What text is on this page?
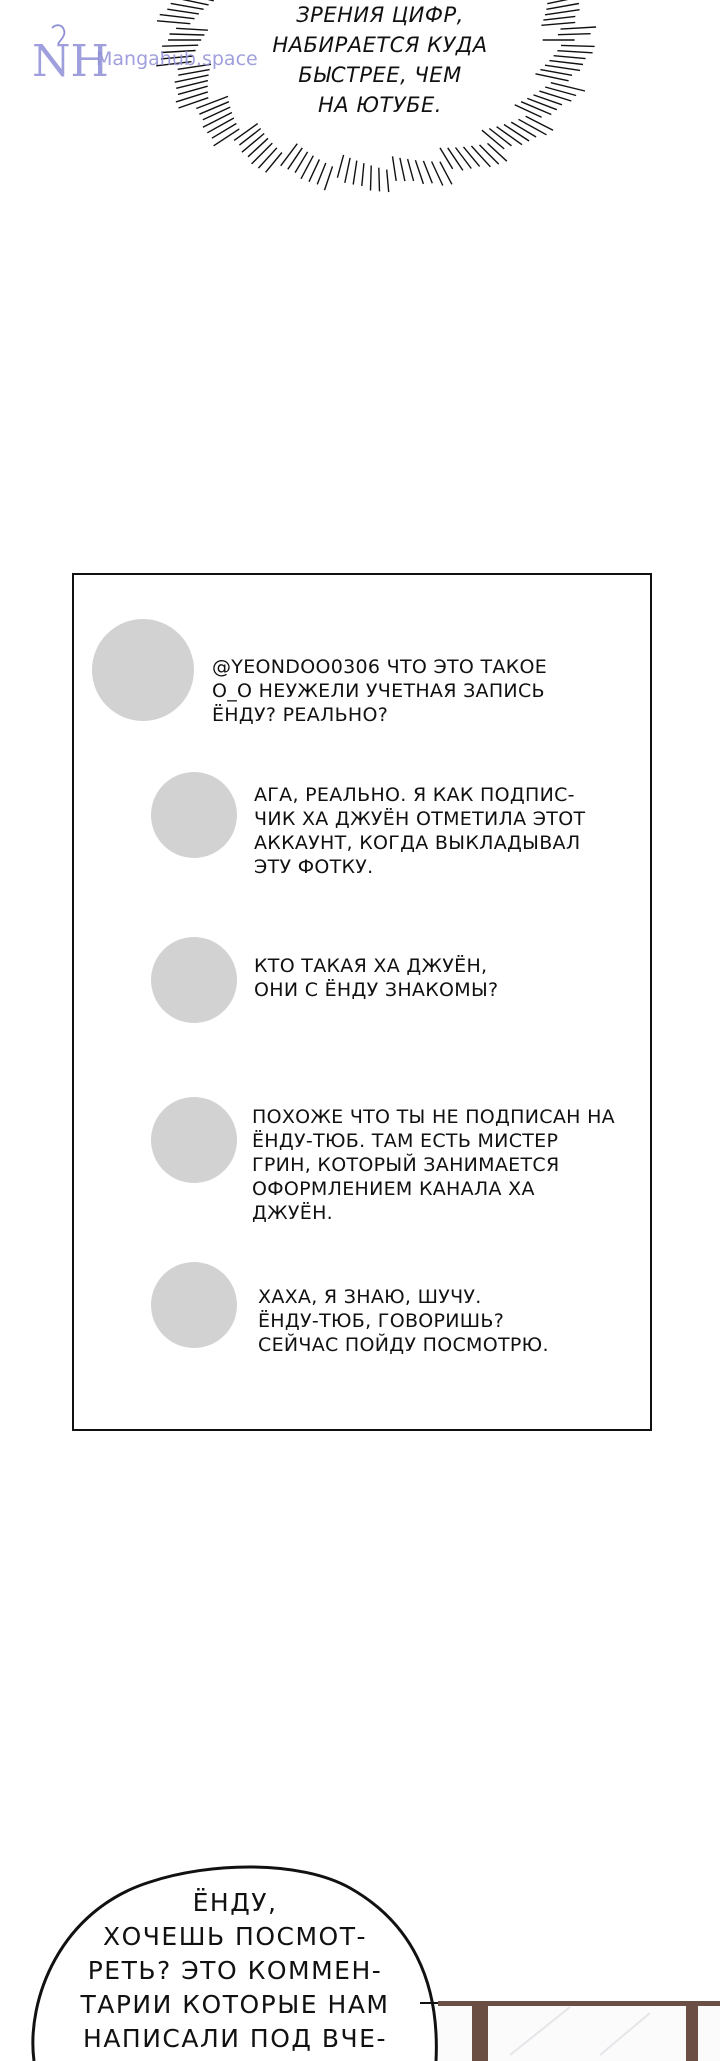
ЗРЕНИЯ ЦИФР,
НАБИРАЕТСЯ КУДА
БЫСТРЕЕ, ЧЕМ
НА ЮТУБЕ.
NH
Mangahub.space
@YEONDOO0306 ЧТО ЭТО ТАКОЕ
O_O НЕУЖЕЛИ УЧЕТНАЯ ЗАПИСЬ
ЁНДУ? РЕАЛЬНО?
АГА, РЕАЛЬНО. Я КАК ПОДПИС-
ЧИК ХА ДЖУЁН ОТМЕТИЛА ЭТОТ
АККАУНТ, КОГДА ВЫКЛАДЫВАЛ
ЭТУ ФОТКУ.
КТО ТАКАЯ ХА ДЖУЁН,
ОНИ С ЁНДУ ЗНАКОМЫ?
ПОХОЖЕ ЧТО ТЫ НЕ ПОДПИСАН НА
ЁНДУ-ТЮБ. ТАМ ЕСТЬ МИСТЕР
ГРИН, КОТОРЫЙ ЗАНИМАЕТСЯ
ОФОРМЛЕНИЕМ КАНАЛА ХА
ДЖУЁН.
ХАХА, Я ЗНАЮ, ШУЧУ.
ЁНДУ-ТЮБ, ГОВОРИШЬ?
СЕЙЧАС ПОЙДУ ПОСМОТРЮ.
ЁНДУ,
ХОЧЕШЬ ПОСМОТ-
РЕТЬ? ЭТО КОММЕН-
ТАРИИ КОТОРЫЕ НАМ
НАПИСАЛИ ПОД ВЧЕ-
